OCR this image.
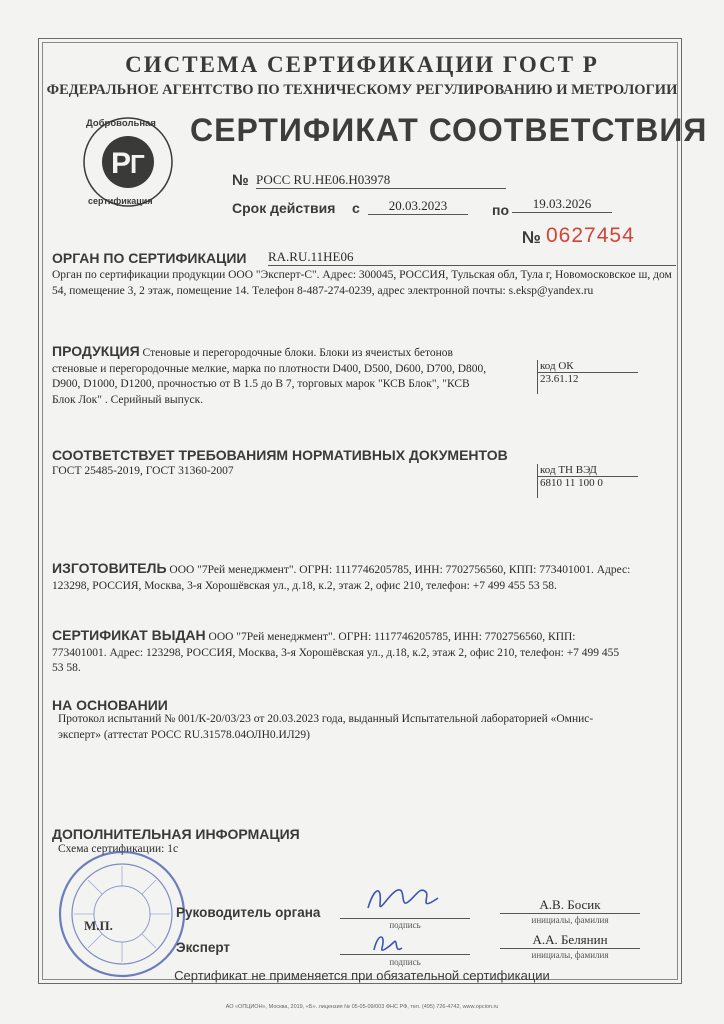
СИСТЕМА СЕРТИФИКАЦИИ ГОСТ Р
ФЕДЕРАЛЬНОЕ АГЕНТСТВО ПО ТЕХНИЧЕСКОМУ РЕГУЛИРОВАНИЮ И МЕТРОЛОГИИ
Р
Г
Добровольная
сертификация
СЕРТИФИКАТ СООТВЕТСТВИЯ
№ РОСС RU.НЕ06.Н03978
Срок действия с	20.03.2023	по	19.03.2026
№ 0627454
ОРГАН ПО СЕРТИФИКАЦИИ RA.RU.11HE06
Орган по сертификации продукции ООО "Эксперт-С". Адрес: 300045, РОССИЯ, Тульская обл, Тула г, Новомосковское ш, дом 54, помещение 3, 2 этаж, помещение 14. Телефон 8-487-274-0239, адрес электронной почты: s.eksp@yandex.ru
ПРОДУКЦИЯ Стеновые и перегородочные блоки. Блоки из ячеистых бетонов
стеновые и перегородочные мелкие, марка по плотности D400, D500, D600, D700, D800,
D900, D1000, D1200, прочностью от В 1.5 до В 7, торговых марок "КСВ Блок", "КСВ
Блок Лок" . Серийный выпуск.
код ОК
23.61.12
СООТВЕТСТВУЕТ ТРЕБОВАНИЯМ НОРМАТИВНЫХ ДОКУМЕНТОВ
ГОСТ 25485-2019, ГОСТ 31360-2007	код ТН ВЭД
6810 11 100 0
ИЗГОТОВИТЕЛЬ ООО "7Рей менеджмент". ОГРН: 1117746205785, ИНН: 7702756560, КПП: 773401001. Адрес:
123298, РОССИЯ, Москва, 3-я Хорошёвская ул., д.18, к.2, этаж 2, офис 210, телефон: +7 499 455 53 58.
СЕРТИФИКАТ ВЫДАН ООО "7Рей менеджмент". ОГРН: 1117746205785, ИНН: 7702756560, КПП:
773401001. Адрес: 123298, РОССИЯ, Москва, 3-я Хорошёвская ул., д.18, к.2, этаж 2, офис 210, телефон: +7 499 455
53 58.
НА ОСНОВАНИИ
Протокол испытаний № 001/К-20/03/23 от 20.03.2023 года, выданный Испытательной лабораторией «Омнис-
эксперт» (аттестат РОСС RU.31578.04ОЛН0.ИЛ29)
ДОПОЛНИТЕЛЬНАЯ ИНФОРМАЦИЯ
Схема сертификации: 1с
М.П.
Руководитель органа
подпись
А.В. Босик
инициалы, фамилия
Эксперт
подпись
А.А. Белянин
инициалы, фамилия
Сертификат не применяется при обязательной сертификации
АО «ОПЦИОН», Москва, 2019, «Б». лицензия № 05-05-09/003 ФНС РФ, тел. (495) 726-4742, www.opcion.ru
